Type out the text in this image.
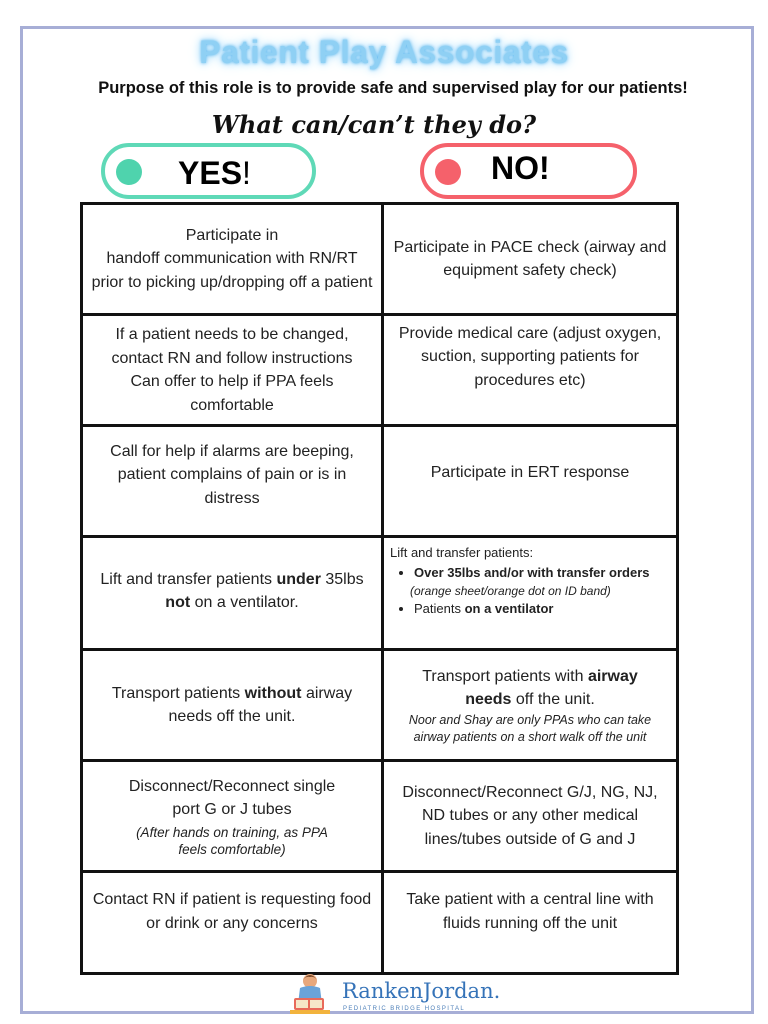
Patient Play Associates
Purpose of this role is to provide safe and supervised play for our patients!
What can/can’t they do?
YES!	NO!
Participate in
handoff communication with RN/RT prior to picking up/dropping off a patient
Participate in PACE check (airway and equipment safety check)
If a patient needs to be changed, contact RN and follow instructions
Can offer to help if PPA feels comfortable
Provide medical care (adjust oxygen, suction, supporting patients for procedures etc)
Call for help if alarms are beeping, patient complains of pain or is in distress
Participate in ERT response
Lift and transfer patients under 35lbs not on a ventilator.
Lift and transfer patients:
• Over 35lbs and/or with transfer orders
(orange sheet/orange dot on ID band)
• Patients on a ventilator
Transport patients without airway needs off the unit.
Transport patients with airway needs off the unit.
Noor and Shay are only PPAs who can take airway patients on a short walk off the unit
Disconnect/Reconnect single port G or J tubes
(After hands on training, as PPA feels comfortable)
Disconnect/Reconnect G/J, NG, NJ, ND tubes or any other medical lines/tubes outside of G and J
Contact RN if patient is requesting food or drink or any concerns
Take patient with a central line with fluids running off the unit
RankenJordan.
PEDIATRIC BRIDGE HOSPITAL
